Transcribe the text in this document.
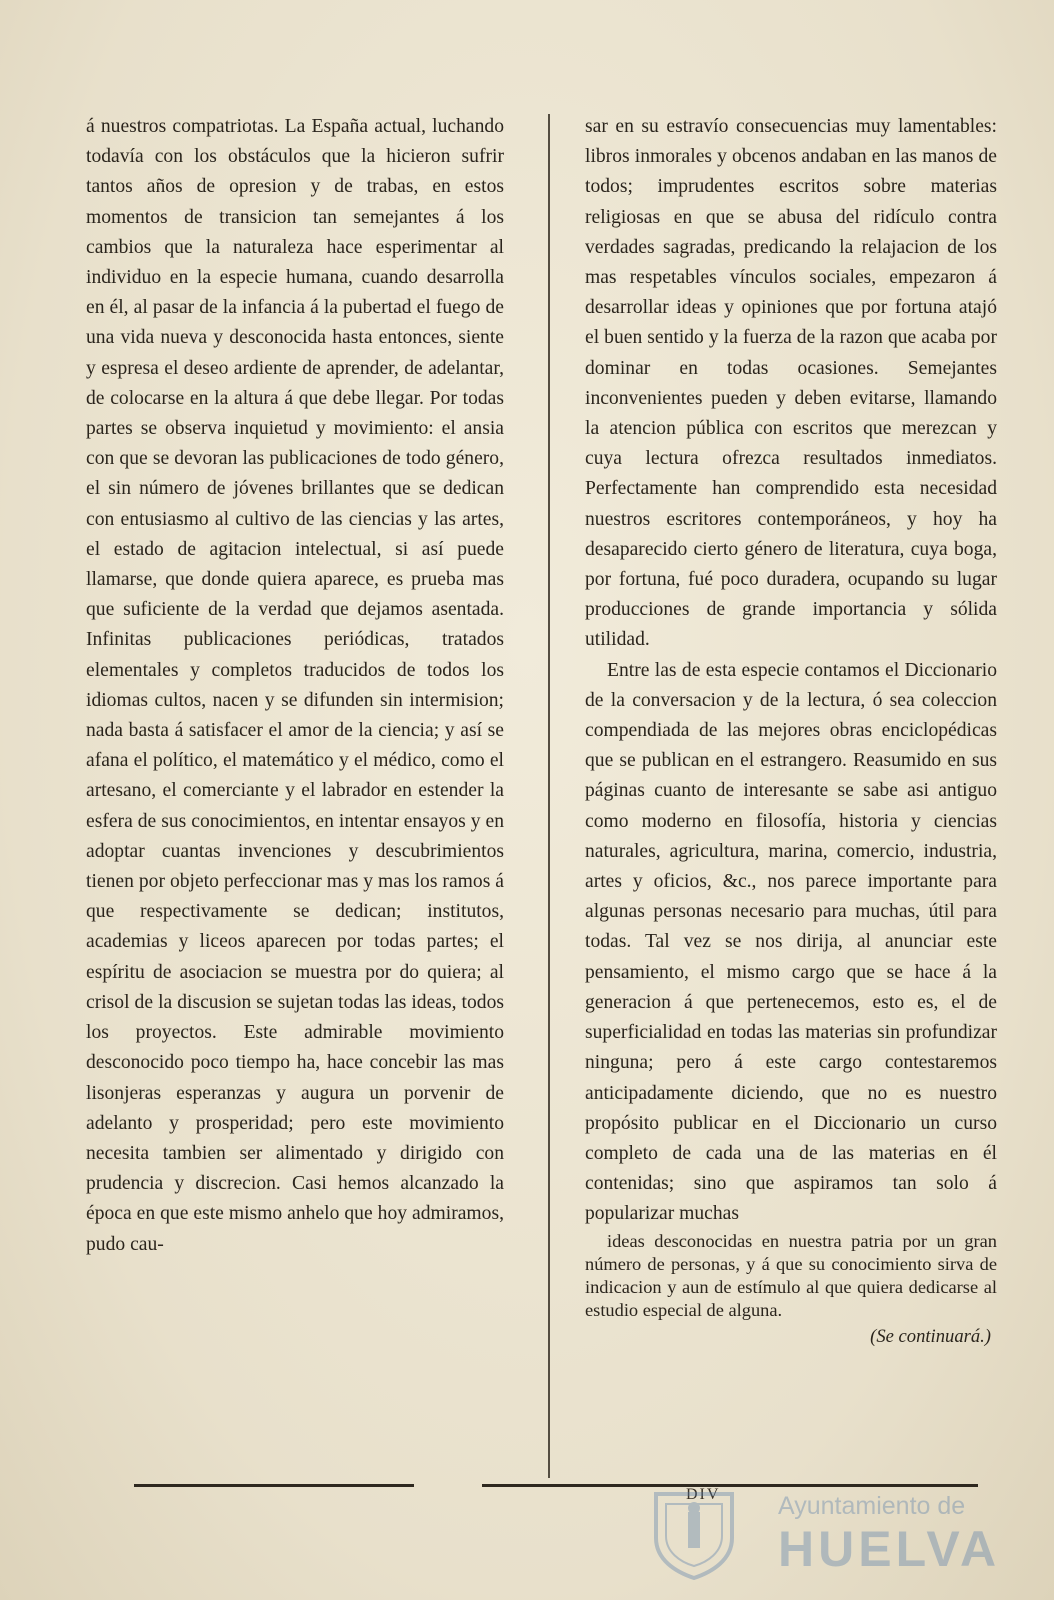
á nuestros compatriotas. La España actual, luchando todavía con los obstáculos que la hicieron sufrir tantos años de opresion y de trabas, en estos momentos de transicion tan semejantes á los cambios que la naturaleza hace esperimentar al individuo en la especie humana, cuando desarrolla en él, al pasar de la infancia á la pubertad el fuego de una vida nueva y desconocida hasta entonces, siente y espresa el deseo ardiente de aprender, de adelantar, de colocarse en la altura á que debe llegar. Por todas partes se observa inquietud y movimiento: el ansia con que se devoran las publicaciones de todo género, el sin número de jóvenes brillantes que se dedican con entusiasmo al cultivo de las ciencias y las artes, el estado de agitacion intelectual, si así puede llamarse, que donde quiera aparece, es prueba mas que suficiente de la verdad que dejamos asentada. Infinitas publicaciones periódicas, tratados elementales y completos traducidos de todos los idiomas cultos, nacen y se difunden sin intermision; nada basta á satisfacer el amor de la ciencia; y así se afana el político, el matemático y el médico, como el artesano, el comerciante y el labrador en estender la esfera de sus conocimientos, en intentar ensayos y en adoptar cuantas invenciones y descubrimientos tienen por objeto perfeccionar mas y mas los ramos á que respectivamente se dedican; institutos, academias y liceos aparecen por todas partes; el espíritu de asociacion se muestra por do quiera; al crisol de la discusion se sujetan todas las ideas, todos los proyectos. Este admirable movimiento desconocido poco tiempo ha, hace concebir las mas lisonjeras esperanzas y augura un porvenir de adelanto y prosperidad; pero este movimiento necesita tambien ser alimentado y dirigido con prudencia y discrecion. Casi hemos alcanzado la época en que este mismo anhelo que hoy admiramos, pudo cau-

sar en su estravío consecuencias muy lamentables: libros inmorales y obcenos andaban en las manos de todos; imprudentes escritos sobre materias religiosas en que se abusa del ridículo contra verdades sagradas, predicando la relajacion de los mas respetables vínculos sociales, empezaron á desarrollar ideas y opiniones que por fortuna atajó el buen sentido y la fuerza de la razon que acaba por dominar en todas ocasiones. Semejantes inconvenientes pueden y deben evitarse, llamando la atencion pública con escritos que merezcan y cuya lectura ofrezca resultados inmediatos. Perfectamente han comprendido esta necesidad nuestros escritores contemporáneos, y hoy ha desaparecido cierto género de literatura, cuya boga, por fortuna, fué poco duradera, ocupando su lugar producciones de grande importancia y sólida utilidad.

Entre las de esta especie contamos el Diccionario de la conversacion y de la lectura, ó sea coleccion compendiada de las mejores obras enciclopédicas que se publican en el estrangero. Reasumido en sus páginas cuanto de interesante se sabe asi antiguo como moderno en filosofía, historia y ciencias naturales, agricultura, marina, comercio, industria, artes y oficios, &c., nos parece importante para algunas personas necesario para muchas, útil para todas. Tal vez se nos dirija, al anunciar este pensamiento, el mismo cargo que se hace á la generacion á que pertenecemos, esto es, el de superficialidad en todas las materias sin profundizar ninguna; pero á este cargo contestaremos anticipadamente diciendo, que no es nuestro propósito publicar en el Diccionario un curso completo de cada una de las materias en él contenidas; sino que aspiramos tan solo á popularizar muchas

ideas desconocidas en nuestra patria por un gran número de personas, y á que su conocimiento sirva de indicacion y aun de estímulo al que quiera dedicarse al estudio especial de alguna.

(Se continuará.)
DIV Ayuntamiento de
HUELVA
